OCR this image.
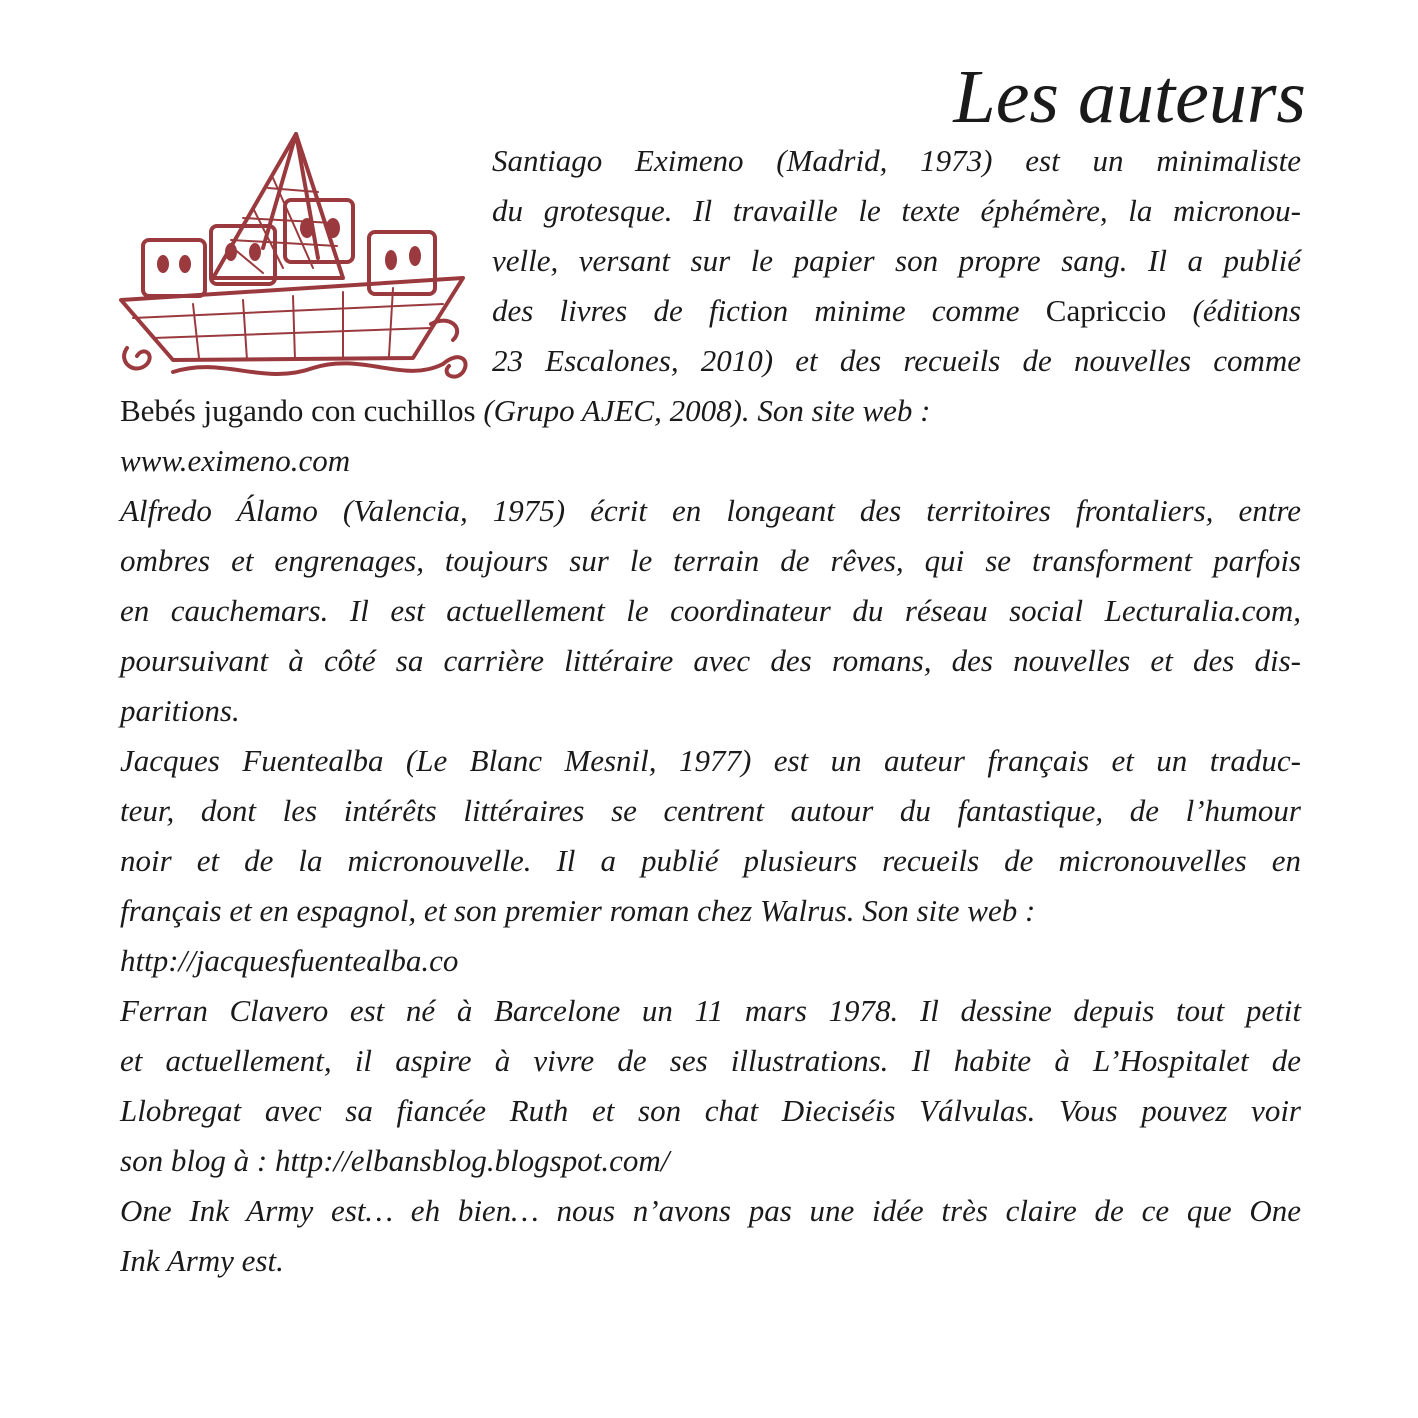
Les auteurs
Santiago Eximeno (Madrid, 1973) est un minimaliste
du grotesque. Il travaille le texte éphémère, la micronou-
velle, versant sur le papier son propre sang. Il a publié
des livres de fiction minime comme Capriccio (éditions
23 Escalones, 2010) et des recueils de nouvelles comme
Bebés jugando con cuchillos (Grupo AJEC, 2008). Son site web :
www.eximeno.com
Alfredo Álamo (Valencia, 1975) écrit en longeant des territoires frontaliers, entre
ombres et engrenages, toujours sur le terrain de rêves, qui se transforment parfois
en cauchemars. Il est actuellement le coordinateur du réseau social Lecturalia.com,
poursuivant à côté sa carrière littéraire avec des romans, des nouvelles et des dis-
paritions.
Jacques Fuentealba (Le Blanc Mesnil, 1977) est un auteur français et un traduc-
teur, dont les intérêts littéraires se centrent autour du fantastique, de l’humour
noir et de la micronouvelle. Il a publié plusieurs recueils de micronouvelles en
français et en espagnol, et son premier roman chez Walrus. Son site web :
http://jacquesfuentealba.co
Ferran Clavero est né à Barcelone un 11 mars 1978. Il dessine depuis tout petit
et actuellement, il aspire à vivre de ses illustrations. Il habite à L’Hospitalet de
Llobregat avec sa fiancée Ruth et son chat Dieciséis Válvulas. Vous pouvez voir
son blog à : http://elbansblog.blogspot.com/
One Ink Army est… eh bien… nous n’avons pas une idée très claire de ce que One
Ink Army est.
